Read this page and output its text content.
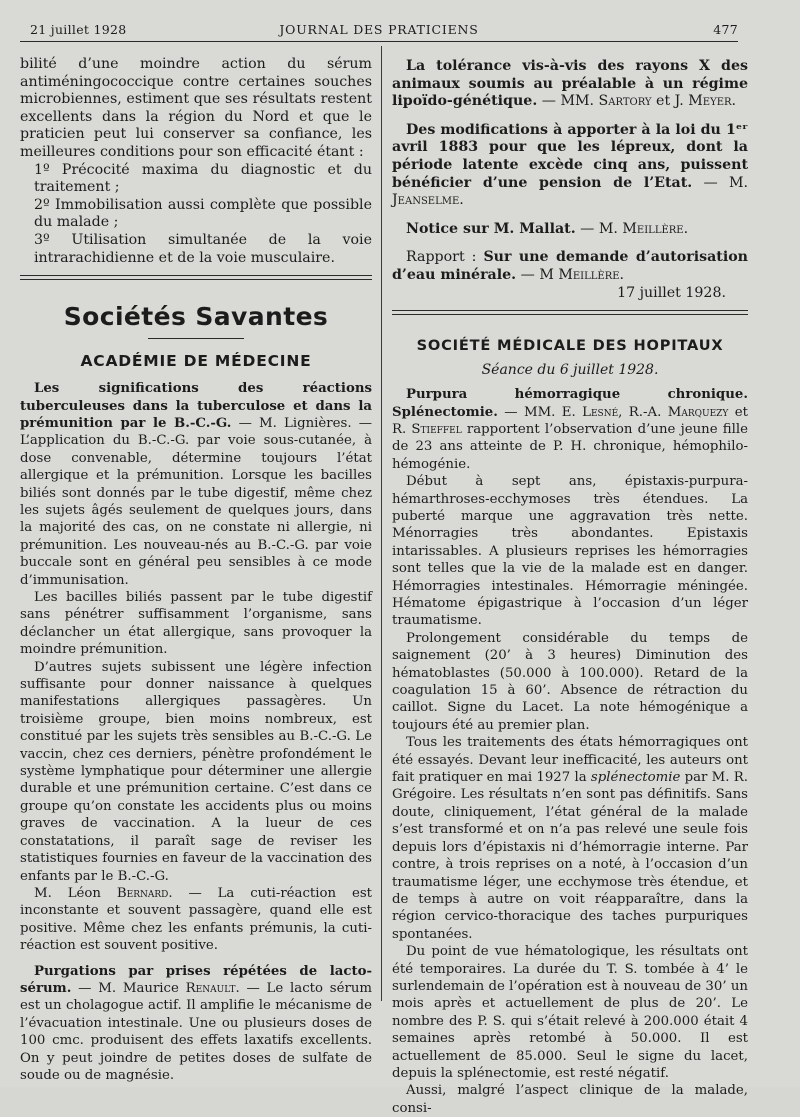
21 juillet 1928	JOURNAL DES PRATICIENS	477

bilité d’une moindre action du sérum antiméningococcique contre certaines souches microbiennes, estiment que ses résultats restent excellents dans la région du Nord et que le praticien peut lui conserver sa confiance, les meilleures conditions pour son efficacité étant :

1º Précocité maxima du diagnostic et du traitement ;

2º Immobilisation aussi complète que possible du malade ;

3º Utilisation simultanée de la voie intrarachidienne et de la voie musculaire.

Sociétés Savantes
ACADÉMIE DE MÉDECINE

Les significations des réactions tuberculeuses dans la tuberculose et dans la prémunition par le B.-C.-G. — M. Lignières. — L’application du B.-C.-G. par voie sous-cutanée, à dose convenable, détermine toujours l’état allergique et la prémunition. Lorsque les bacilles biliés sont donnés par le tube digestif, même chez les sujets âgés seulement de quelques jours, dans la majorité des cas, on ne constate ni allergie, ni prémunition. Les nouveau-nés au B.-C.-G. par voie buccale sont en général peu sensibles à ce mode d’immunisation.

Les bacilles biliés passent par le tube digestif sans pénétrer suffisamment l’organisme, sans déclancher un état allergique, sans provoquer la moindre prémunition.

D’autres sujets subissent une légère infection suffisante pour donner naissance à quelques manifestations allergiques passagères. Un troisième groupe, bien moins nombreux, est constitué par les sujets très sensibles au B.-C.-G. Le vaccin, chez ces derniers, pénètre profondément le système lymphatique pour déterminer une allergie durable et une prémunition certaine. C’est dans ce groupe qu’on constate les accidents plus ou moins graves de vaccination. A la lueur de ces constatations, il paraît sage de reviser les statistiques fournies en faveur de la vaccination des enfants par le B.-C.-G.

M. Léon Bernard. — La cuti-réaction est inconstante et souvent passagère, quand elle est positive. Même chez les enfants prémunis, la cuti-réaction est souvent positive.

Purgations par prises répétées de lacto-sérum. — M. Maurice Renault. — Le lacto sérum est un cholagogue actif. Il amplifie le mécanisme de l’évacuation intestinale. Une ou plusieurs doses de 100 cmc. produisent des effets laxatifs excellents. On y peut joindre de petites doses de sulfate de soude ou de magnésie.

La tolérance vis-à-vis des rayons X des animaux soumis au préalable à un régime lipoïdo-génétique. — MM. Sartory et J. Meyer.

Des modifications à apporter à la loi du 1ᵉʳ avril 1883 pour que les lépreux, dont la période latente excède cinq ans, puissent bénéficier d’une pension de l’Etat. — M. Jeanselme.

Notice sur M. Mallat. — M. Meillère.

Rapport : Sur une demande d’autorisation d’eau minérale. — M Meillère.

17 juillet 1928.

SOCIÉTÉ MÉDICALE DES HOPITAUX
Séance du 6 juillet 1928.

Purpura hémorragique chronique. Splénectomie. — MM. E. Lesné, R.-A. Marquezy et R. Stieffel rapportent l’observation d’une jeune fille de 23 ans atteinte de P. H. chronique, hémophilo-hémogénie.

Début à sept ans, épistaxis-purpura-hémarthroses-ecchymoses très étendues. La puberté marque une aggravation très nette. Ménorragies très abondantes. Epistaxis intarissables. A plusieurs reprises les hémorragies sont telles que la vie de la malade est en danger. Hémorragies intestinales. Hémorragie méningée. Hématome épigastrique à l’occasion d’un léger traumatisme.

Prolongement considérable du temps de saignement (20’ à 3 heures) Diminution des hématoblastes (50.000 à 100.000). Retard de la coagulation 15 à 60’. Absence de rétraction du caillot. Signe du Lacet. La note hémogénique a toujours été au premier plan.

Tous les traitements des états hémorragiques ont été essayés. Devant leur inefficacité, les auteurs ont fait pratiquer en mai 1927 la splénectomie par M. R. Grégoire. Les résultats n’en sont pas définitifs. Sans doute, cliniquement, l’état général de la malade s’est transformé et on n’a pas relevé une seule fois depuis lors d’épistaxis ni d’hémorragie interne. Par contre, à trois reprises on a noté, à l’occasion d’un traumatisme léger, une ecchymose très étendue, et de temps à autre on voit réapparaître, dans la région cervico-thoracique des taches purpuriques spontanées.

Du point de vue hématologique, les résultats ont été temporaires. La durée du T. S. tombée à 4’ le surlendemain de l’opération est à nouveau de 30’ un mois après et actuellement de plus de 20’. Le nombre des P. S. qui s’était relevé à 200.000 était 4 semaines après retombé à 50.000. Il est actuellement de 85.000. Seul le signe du lacet, depuis la splénectomie, est resté négatif.

Aussi, malgré l’aspect clinique de la malade, consi-
